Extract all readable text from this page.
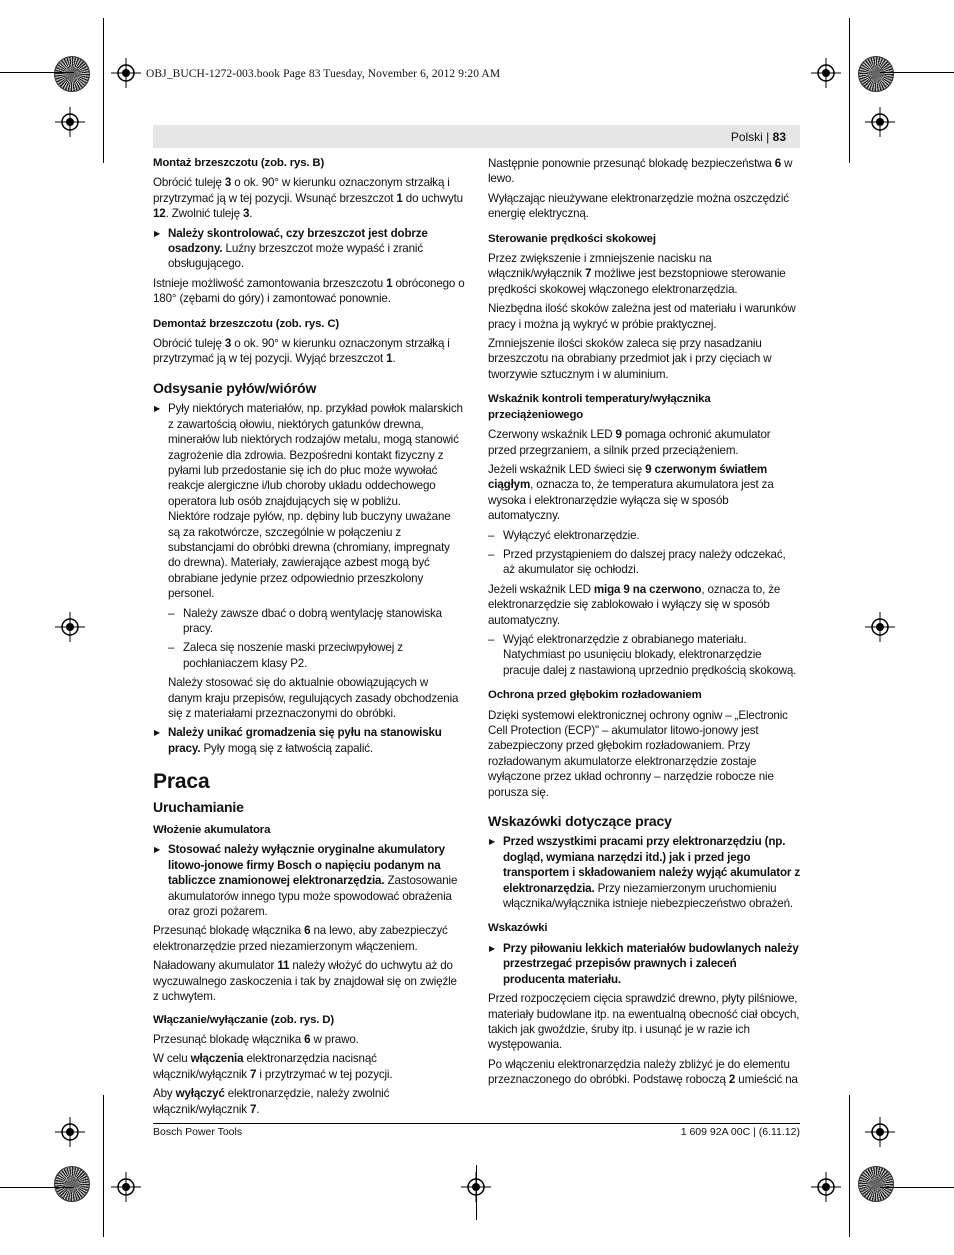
OBJ_BUCH-1272-003.book Page 83 Tuesday, November 6, 2012 9:20 AM
Polski | 83
Montaż brzeszczotu (zob. rys. B)

Obrócić tuleję 3 o ok. 90° w kierunku oznaczonym strzałką i przytrzymać ją w tej pozycji. Wsunąć brzeszczot 1 do uchwytu 12. Zwolnić tuleję 3.

▶ Należy skontrolować, czy brzeszczot jest dobrze osadzony. Luźny brzeszczot może wypaść i zranić obsługującego.

Istnieje możliwość zamontowania brzeszczotu 1 obróconego o 180° (zębami do góry) i zamontować ponownie.

Demontaż brzeszczotu (zob. rys. C)

Obrócić tuleję 3 o ok. 90° w kierunku oznaczonym strzałką i przytrzymać ją w tej pozycji. Wyjąć brzeszczot 1.

Odsysanie pyłów/wiórów

▶ Pyły niektórych materiałów, np. przykład powłok malarskich z zawartością ołowiu, niektórych gatunków drewna, minerałów lub niektórych rodzajów metalu, mogą stanowić zagrożenie dla zdrowia. Bezpośredni kontakt fizyczny z pyłami lub przedostanie się ich do płuc może wywołać reakcje alergiczne i/lub choroby układu oddechowego operatora lub osób znajdujących się w pobliżu.

Niektóre rodzaje pyłów, np. dębiny lub buczyny uważane są za rakotwórcze, szczególnie w połączeniu z substancjami do obróbki drewna (chromiany, impregnaty do drewna). Materiały, zawierające azbest mogą być obrabiane jedynie przez odpowiednio przeszkolony personel.

– Należy zawsze dbać o dobrą wentylację stanowiska pracy.

– Zaleca się noszenie maski przeciwpyłowej z pochłaniaczem klasy P2.

Należy stosować się do aktualnie obowiązujących w danym kraju przepisów, regulujących zasady obchodzenia się z materiałami przeznaczonymi do obróbki.

▶ Należy unikać gromadzenia się pyłu na stanowisku pracy. Pyły mogą się z łatwością zapalić.

Praca
Uruchamianie
Włożenie akumulatora

▶ Stosować należy wyłącznie oryginalne akumulatory litowo-jonowe firmy Bosch o napięciu podanym na tabliczce znamionowej elektronarzędzia. Zastosowanie akumulatorów innego typu może spowodować obrażenia oraz grozi pożarem.

Przesunąć blokadę włącznika 6 na lewo, aby zabezpieczyć elektronarzędzie przed niezamierzonym włączeniem.

Naładowany akumulator 11 należy włożyć do uchwytu aż do wyczuwalnego zaskoczenia i tak by znajdował się on zwięźle z uchwytem.

Włączanie/wyłączanie (zob. rys. D)

Przesunąć blokadę włącznika 6 w prawo.

W celu włączenia elektronarzędzia nacisnąć włącznik/wyłącznik 7 i przytrzymać w tej pozycji.

Aby wyłączyć elektronarzędzie, należy zwolnić włącznik/wyłącznik 7.

Następnie ponownie przesunąć blokadę bezpieczeństwa 6 w lewo.

Wyłączając nieużywane elektronarzędzie można oszczędzić energię elektryczną.

Sterowanie prędkości skokowej

Przez zwiększenie i zmniejszenie nacisku na włącznik/wyłącznik 7 możliwe jest bezstopniowe sterowanie prędkości skokowej włączonego elektronarzędzia.

Niezbędna ilość skoków zależna jest od materiału i warunków pracy i można ją wykryć w próbie praktycznej.

Zmniejszenie ilości skoków zaleca się przy nasadzaniu brzeszczotu na obrabiany przedmiot jak i przy cięciach w tworzywie sztucznym i w aluminium.

Wskaźnik kontroli temperatury/wyłącznika przeciążeniowego

Czerwony wskaźnik LED 9 pomaga ochronić akumulator przed przegrzaniem, a silnik przed przeciążeniem.

Jeżeli wskaźnik LED świeci się 9 czerwonym światłem ciągłym, oznacza to, że temperatura akumulatora jest za wysoka i elektronarzędzie wyłącza się w sposób automatyczny.

– Wyłączyć elektronarzędzie.

– Przed przystąpieniem do dalszej pracy należy odczekać, aż akumulator się ochłodzi.

Jeżeli wskaźnik LED miga 9 na czerwono, oznacza to, że elektronarzędzie się zablokowało i wyłączy się w sposób automatyczny.

– Wyjąć elektronarzędzie z obrabianego materiału.

Natychmiast po usunięciu blokady, elektronarzędzie pracuje dalej z nastawioną uprzednio prędkością skokową.

Ochrona przed głębokim rozładowaniem

Dzięki systemowi elektronicznej ochrony ogniw – „Electronic Cell Protection (ECP)" – akumulator litowo-jonowy jest zabezpieczony przed głębokim rozładowaniem. Przy rozładowanym akumulatorze elektronarzędzie zostaje wyłączone przez układ ochronny – narzędzie robocze nie porusza się.

Wskazówki dotyczące pracy

▶ Przed wszystkimi pracami przy elektronarzędziu (np. dogląd, wymiana narzędzi itd.) jak i przed jego transportem i składowaniem należy wyjąć akumulator z elektronarzędzia. Przy niezamierzonym uruchomieniu włącznika/wyłącznika istnieje niebezpieczeństwo obrażeń.

Wskazówki

▶ Przy piłowaniu lekkich materiałów budowlanych należy przestrzegać przepisów prawnych i zaleceń producenta materiału.

Przed rozpoczęciem cięcia sprawdzić drewno, płyty pilśniowe, materiały budowlane itp. na ewentualną obecność ciał obcych, takich jak gwoździe, śruby itp. i usunąć je w razie ich występowania.

Po włączeniu elektronarzędzia należy zbliżyć je do elementu przeznaczonego do obróbki. Podstawę roboczą 2 umieścić na

Bosch Power Tools	1 609 92A 00C | (6.11.12)
